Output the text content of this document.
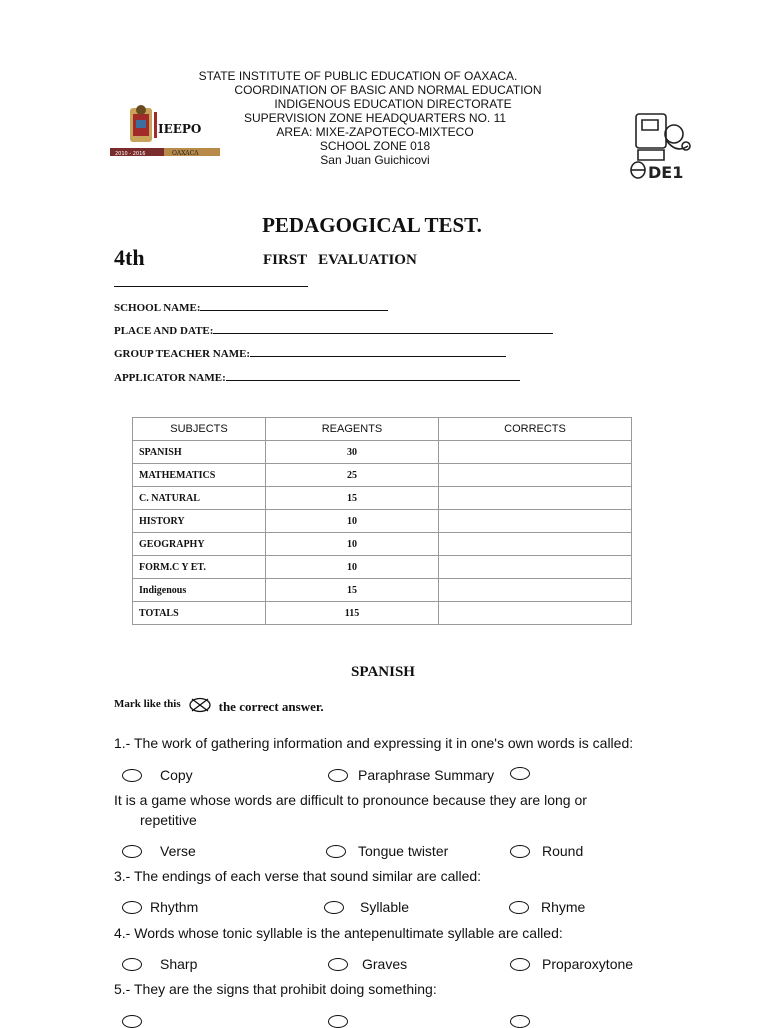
STATE INSTITUTE OF PUBLIC EDUCATION OF OAXACA.
COORDINATION OF BASIC AND NORMAL EDUCATION
INDIGENOUS EDUCATION DIRECTORATE
SUPERVISION ZONE HEADQUARTERS NO. 11
AREA: MIXE-ZAPOTECO-MIXTECO
SCHOOL ZONE 018
San Juan Guichicovi
2010 - 2016	OAXACA
IEEPO
DE1
PEDAGOGICAL TEST.
4th	FIRST   EVALUATION
SCHOOL NAME:
PLACE AND DATE:
GROUP TEACHER NAME:
APPLICATOR NAME:
SUBJECTS	REAGENTS	CORRECTS
SPANISH	30	
MATHEMATICS	25	
C. NATURAL	15	
HISTORY	10	
GEOGRAPHY	10	
FORM.C Y ET.	10	
Indigenous	15	
TOTALS	115	
SPANISH
Mark like this	the correct answer.
1.- The work of gathering information and expressing it in one's own words is called:
Copy	Paraphrase Summary
It is a game whose words are difficult to pronounce because they are long or
repetitive
Verse	Tongue twister	Round
3.- The endings of each verse that sound similar are called:
Rhythm	Syllable	Rhyme
4.- Words whose tonic syllable is the antepenultimate syllable are called:
Sharp	Graves	Proparoxytone
5.- They are the signs that prohibit doing something:
